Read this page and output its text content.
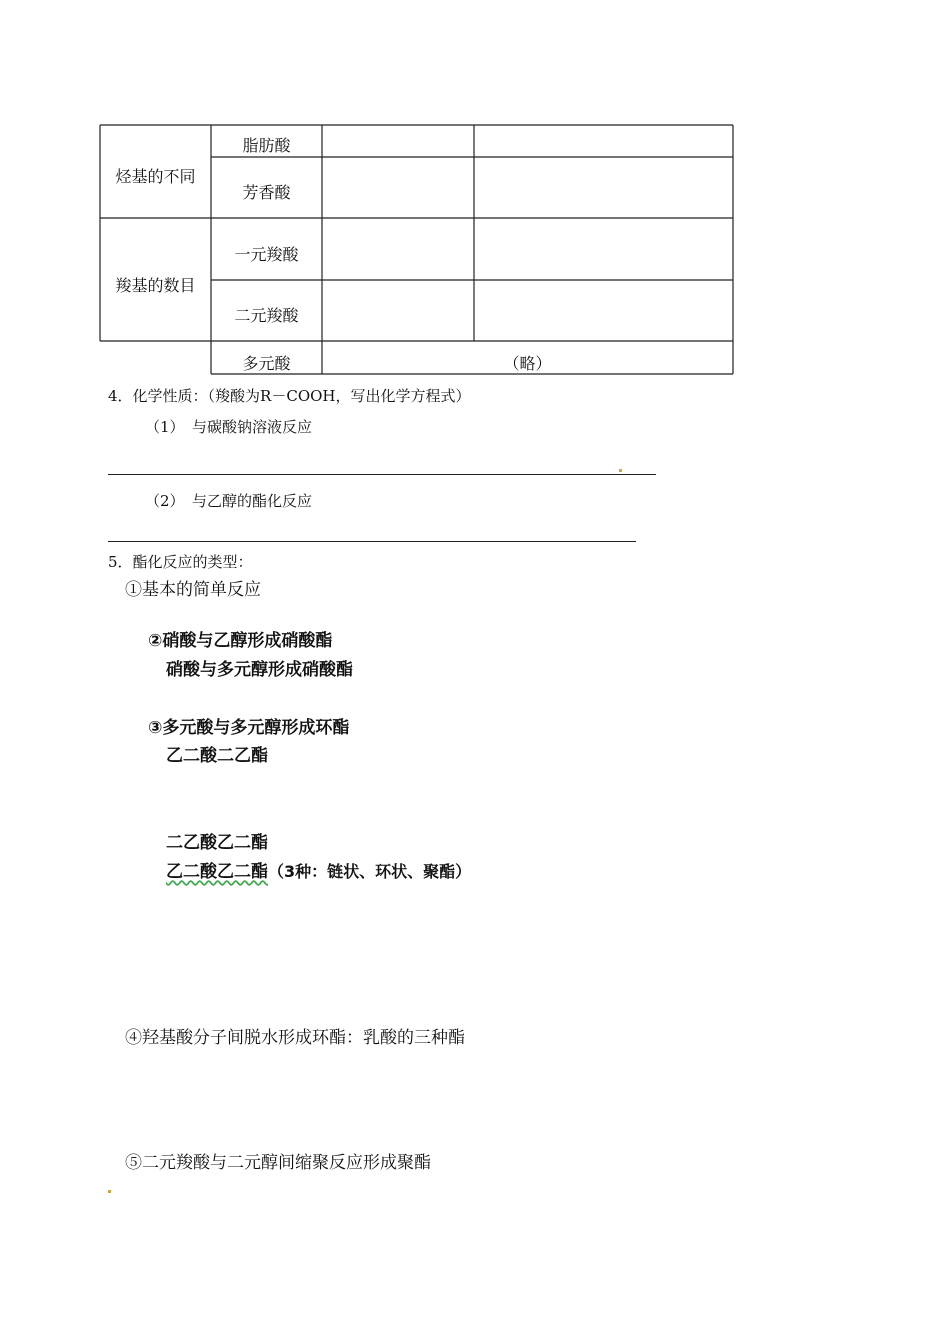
烃基的不同
羧基的数目
脂肪酸
芳香酸
一元羧酸
二元羧酸
多元酸	（略）
4．化学性质：（羧酸为R－COOH，写出化学方程式）
（1）　与碳酸钠溶液反应
（2）　与乙醇的酯化反应
5．酯化反应的类型：
①基本的简单反应
②硝酸与乙醇形成硝酸酯
硝酸与多元醇形成硝酸酯
③多元酸与多元醇形成环酯
乙二酸二乙酯
二乙酸乙二酯
乙二酸乙二酯（3种：链状、环状、聚酯）
④羟基酸分子间脱水形成环酯：乳酸的三种酯
⑤二元羧酸与二元醇间缩聚反应形成聚酯
